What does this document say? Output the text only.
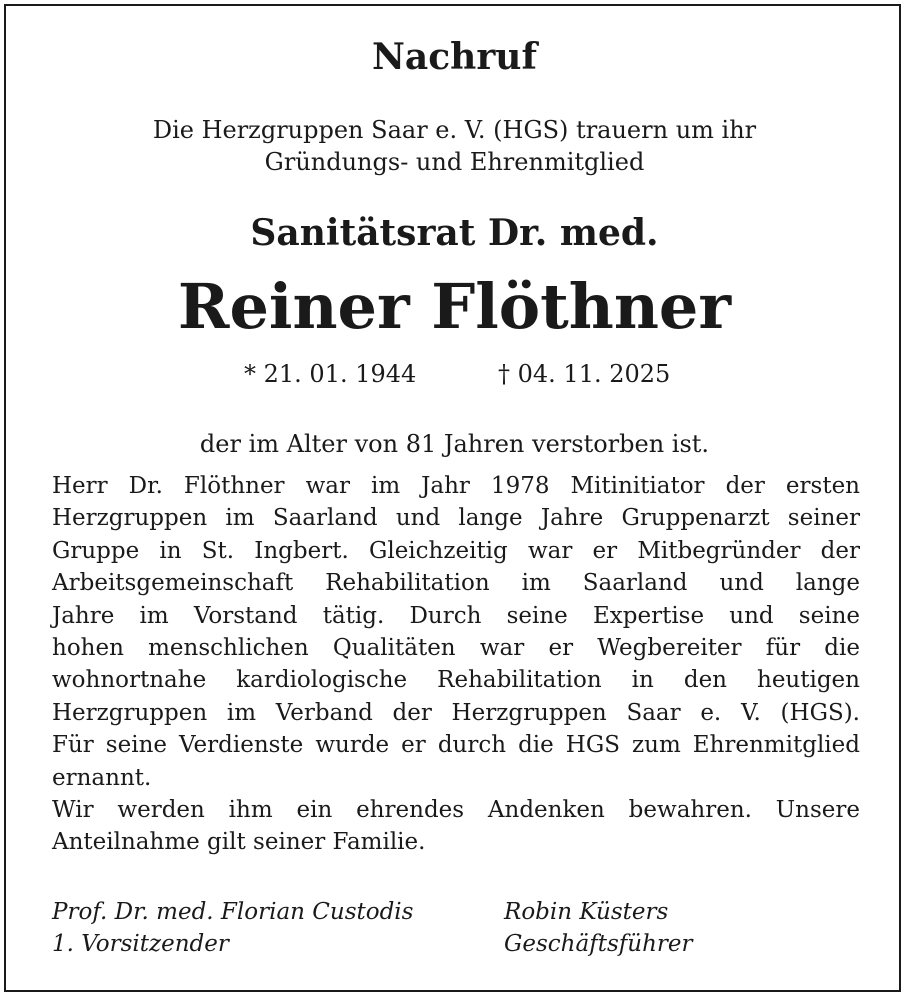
Nachruf
Die Herzgruppen Saar e. V. (HGS) trauern um ihr
Gründungs- und Ehrenmitglied
Sanitätsrat Dr. med.
Reiner Flöthner
* 21. 01. 1944	† 04. 11. 2025
der im Alter von 81 Jahren verstorben ist.
Herr Dr. Flöthner war im Jahr 1978 Mitinitiator der ersten
Herzgruppen im Saarland und lange Jahre Gruppenarzt seiner
Gruppe in St. Ingbert. Gleichzeitig war er Mitbegründer der
Arbeitsgemeinschaft Rehabilitation im Saarland und lange
Jahre im Vorstand tätig. Durch seine Expertise und seine
hohen menschlichen Qualitäten war er Wegbereiter für die
wohnortnahe kardiologische Rehabilitation in den heutigen
Herzgruppen im Verband der Herzgruppen Saar e. V. (HGS).
Für seine Verdienste wurde er durch die HGS zum Ehrenmitglied
ernannt.
Wir werden ihm ein ehrendes Andenken bewahren. Unsere
Anteilnahme gilt seiner Familie.
Prof. Dr. med. Florian Custodis
1. Vorsitzender
Robin Küsters
Geschäftsführer
